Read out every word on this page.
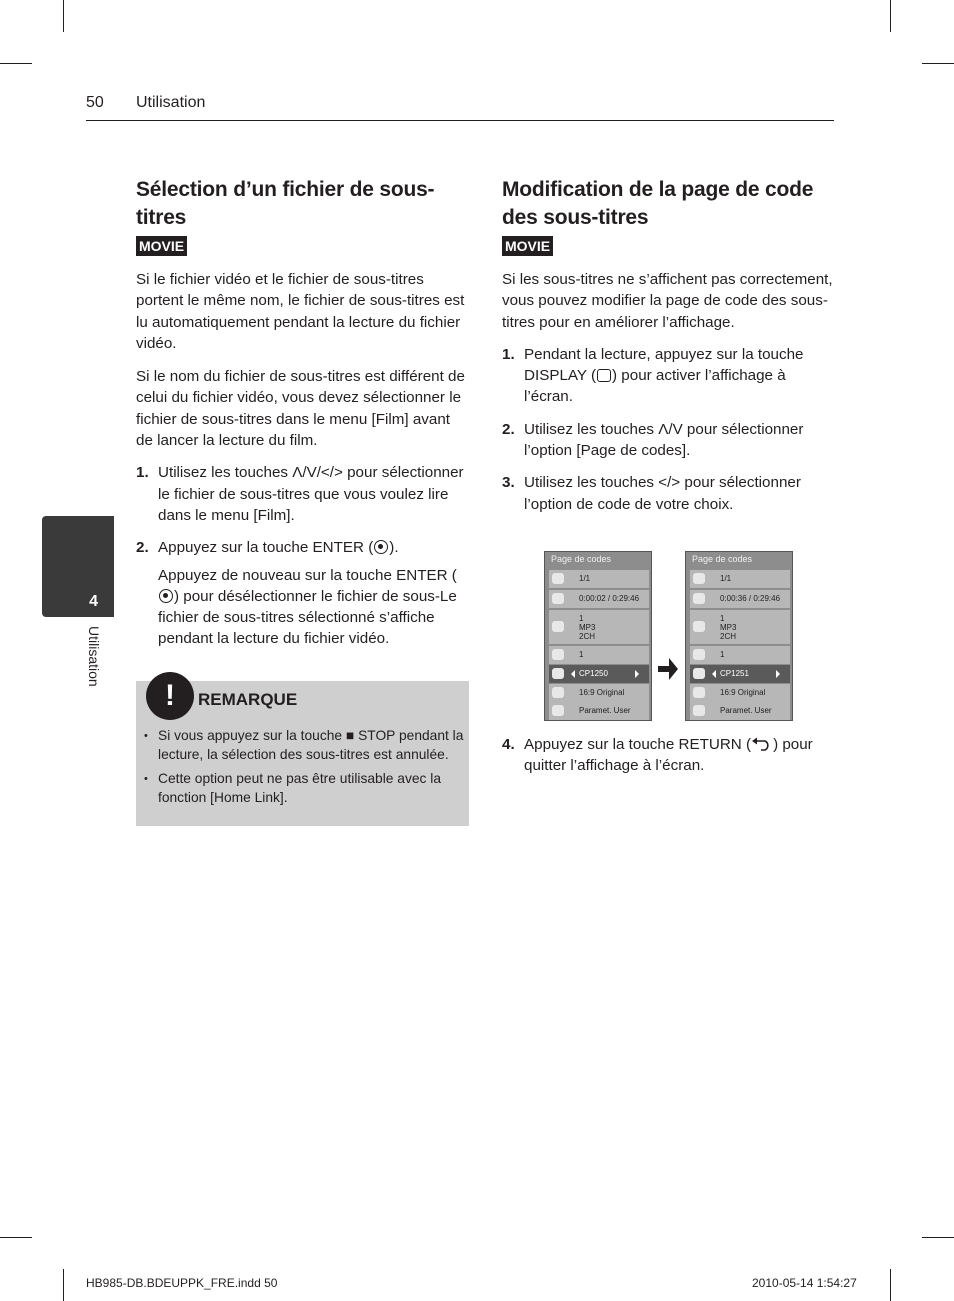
50 Utilisation
4
Utilisation
Sélection d’un fichier de sous-titres
MOVIE

Si le fichier vidéo et le fichier de sous-titres portent le même nom, le fichier de sous-titres est lu automatiquement pendant la lecture du fichier vidéo.

Si le nom du fichier de sous-titres est différent de celui du fichier vidéo, vous devez sélectionner le fichier de sous-titres dans le menu [Film] avant de lancer la lecture du film.

1. Utilisez les touches Λ/V/</> pour sélectionner le fichier de sous-titres que vous voulez lire dans le menu [Film].
2. Appuyez sur la touche ENTER ( ).
Appuyez de nouveau sur la touche ENTER () pour désélectionner le fichier de sous-Le fichier de sous-titres sélectionné s’affiche pendant la lecture du fichier vidéo.
!	REMARQUE
• Si vous appuyez sur la touche ■ STOP pendant la lecture, la sélection des sous-titres est annulée.
• Cette option peut ne pas être utilisable avec la fonction [Home Link].
Modification de la page de code des sous-titres
MOVIE

Si les sous-titres ne s’affichent pas correctement, vous pouvez modifier la page de code des sous-titres pour en améliorer l’affichage.

1. Pendant la lecture, appuyez sur la touche DISPLAY ( ) pour activer l’affichage à l’écran.
2. Utilisez les touches Λ/V pour sélectionner l’option [Page de codes].
3. Utilisez les touches </> pour sélectionner l’option de code de votre choix.
Page de codes
1/1
0:00:02 / 0:29:46
1
MP3
2CH
1
CP1250
16:9 Original
Paramet. User
Page de codes
1/1
0:00:36 / 0:29:46
1
MP3
2CH
1
CP1251
16:9 Original
Paramet. User
4. Appuyez sur la touche RETURN ( ) pour quitter l’affichage à l’écran.
HB985-DB.BDEUPPK_FRE.indd 50	2010-05-14 1:54:27
